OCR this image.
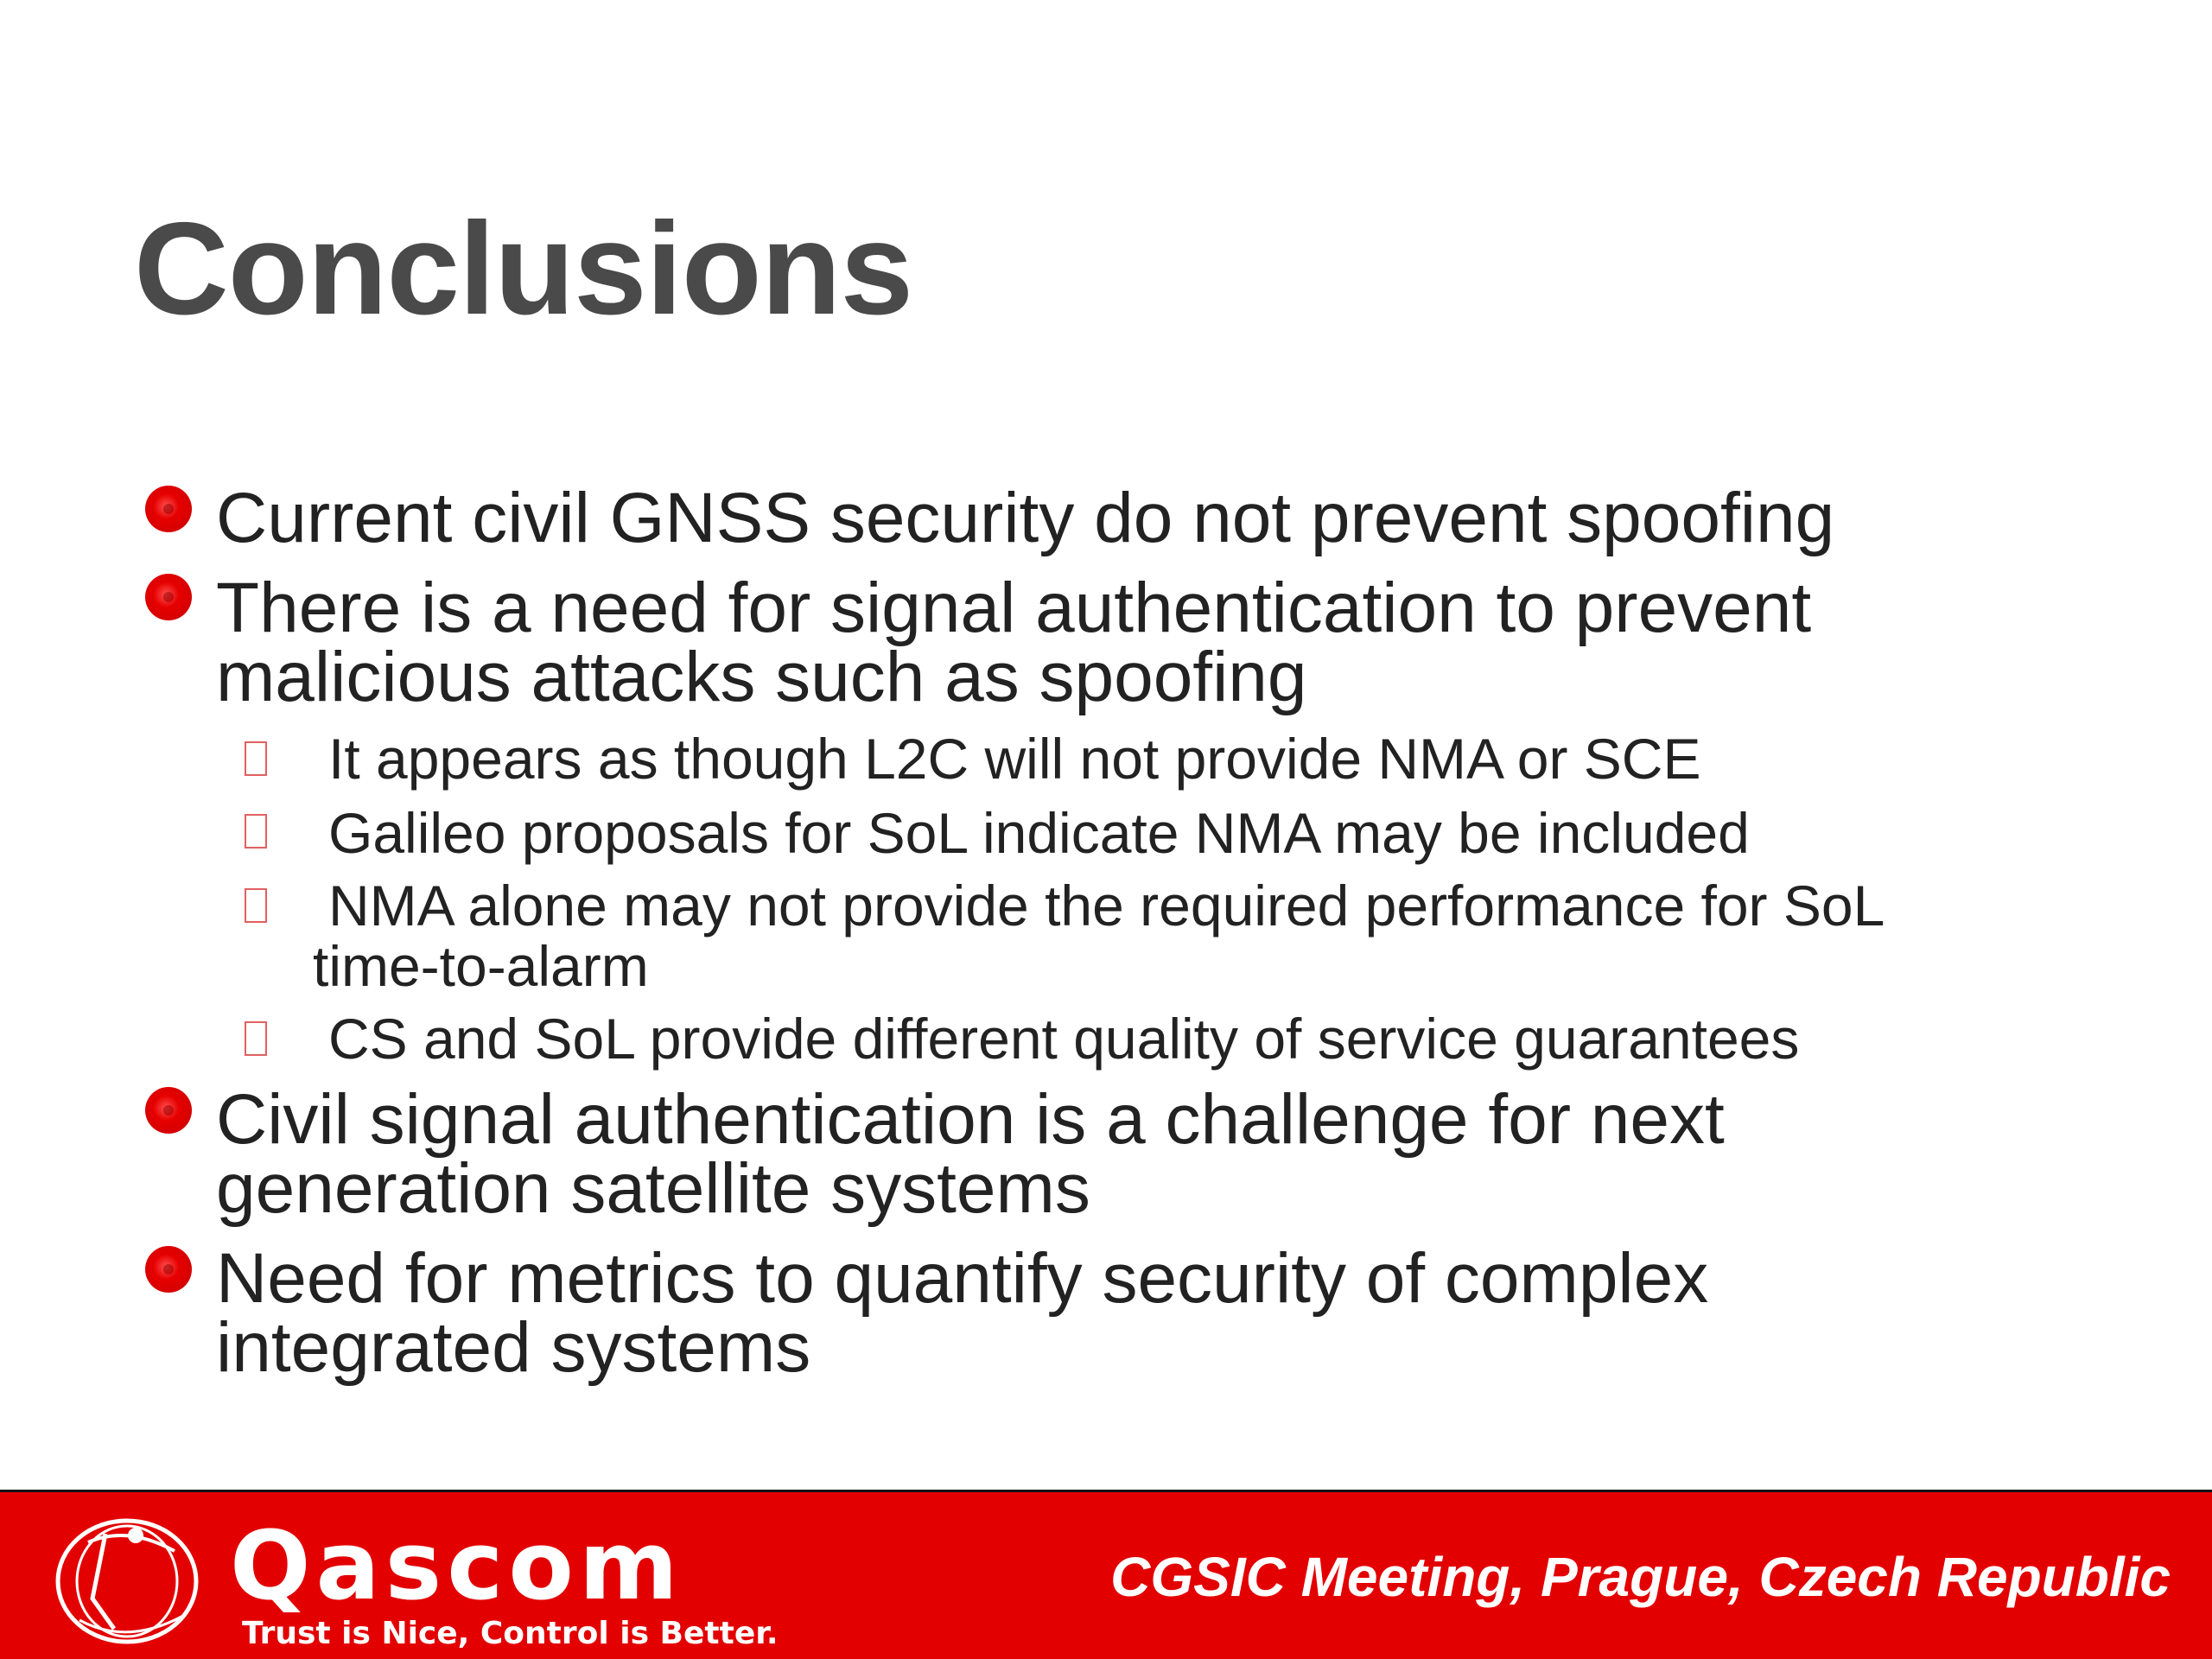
Conclusions
Current civil GNSS security do not prevent spoofing
There is a need for signal authentication to prevent
malicious attacks such as spoofing
It appears as though L2C will not provide NMA or SCE
Galileo proposals for SoL indicate NMA may be included
NMA alone may not provide the required performance for SoL
time-to-alarm
CS and SoL provide different quality of service guarantees
Civil signal authentication is a challenge for next
generation satellite systems
Need for metrics to quantify security of complex
integrated systems
Qascom
Trust is Nice, Control is Better.
CGSIC Meeting, Prague, Czech Republic
